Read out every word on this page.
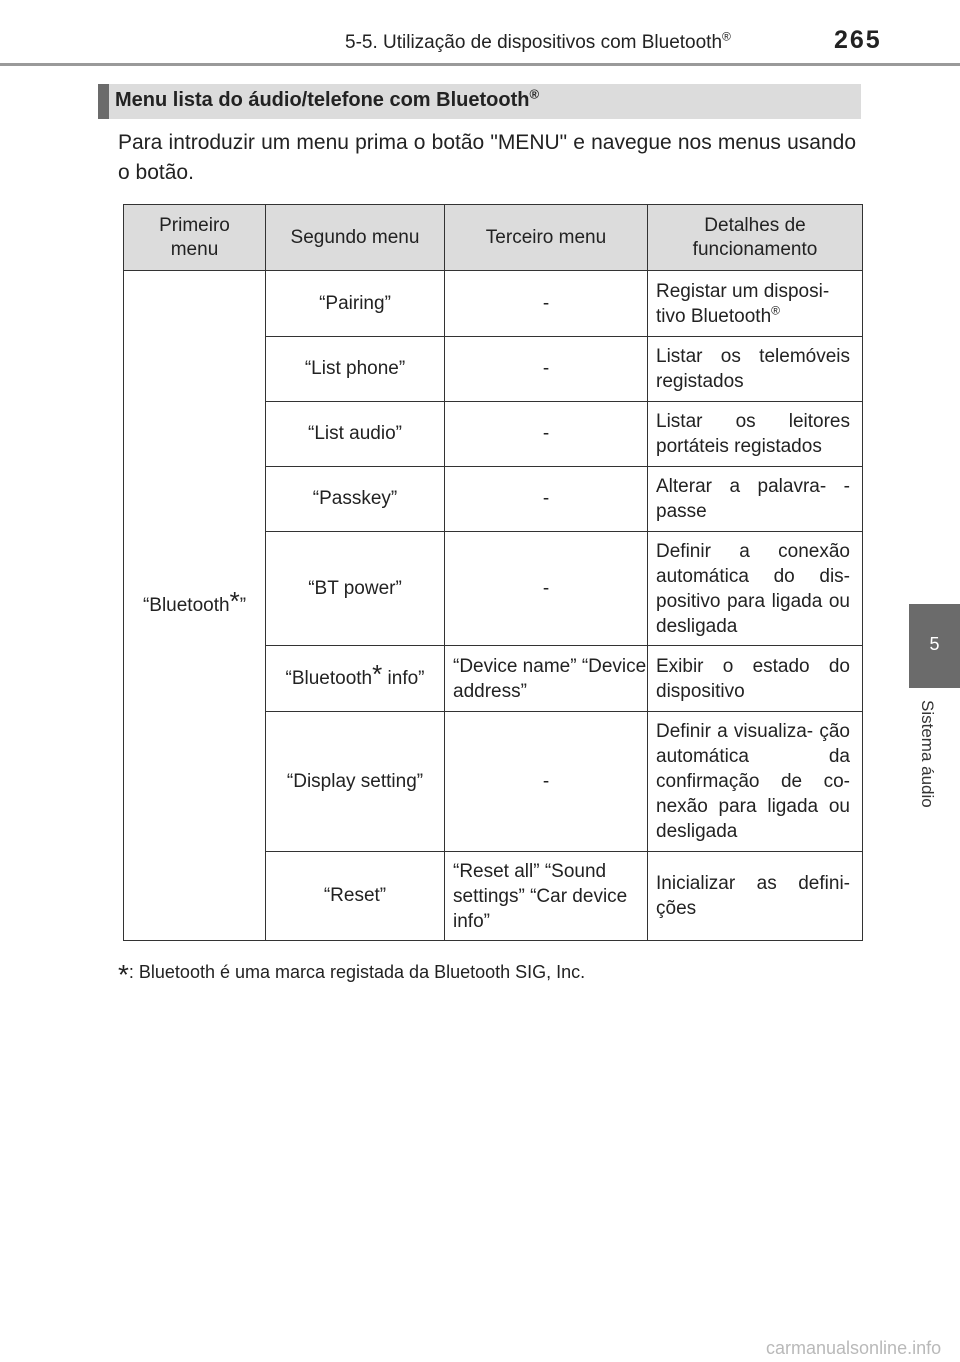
5-5. Utilização de dispositivos com Bluetooth®	265
5
Sistema áudio
Menu lista do áudio/telefone com Bluetooth®
Para introduzir um menu prima o botão "MENU" e navegue nos menus usando o botão.
Primeiro menu	Segundo menu	Terceiro menu	Detalhes de funcionamento

“Bluetooth*”	“Pairing”	-	Registar um disposi-
tivo Bluetooth®
	“List phone”	-	Listar os telemóveis registados
	“List audio”	-	Listar os leitores portáteis registados
	“Passkey”	-	Alterar a palavra- -passe
	“BT power”	-	Definir a conexão automática do dis- positivo para ligada ou desligada
	“Bluetooth* info”	“Device name” “Device address”	Exibir o estado do dispositivo
	“Display setting”	-	Definir a visualiza- ção automática da confirmação de co- nexão para ligada ou desligada
	“Reset”	“Reset all” “Sound settings” “Car device info”	Inicializar as defini- ções
*: Bluetooth é uma marca registada da Bluetooth SIG, Inc.
carmanualsonline.info
